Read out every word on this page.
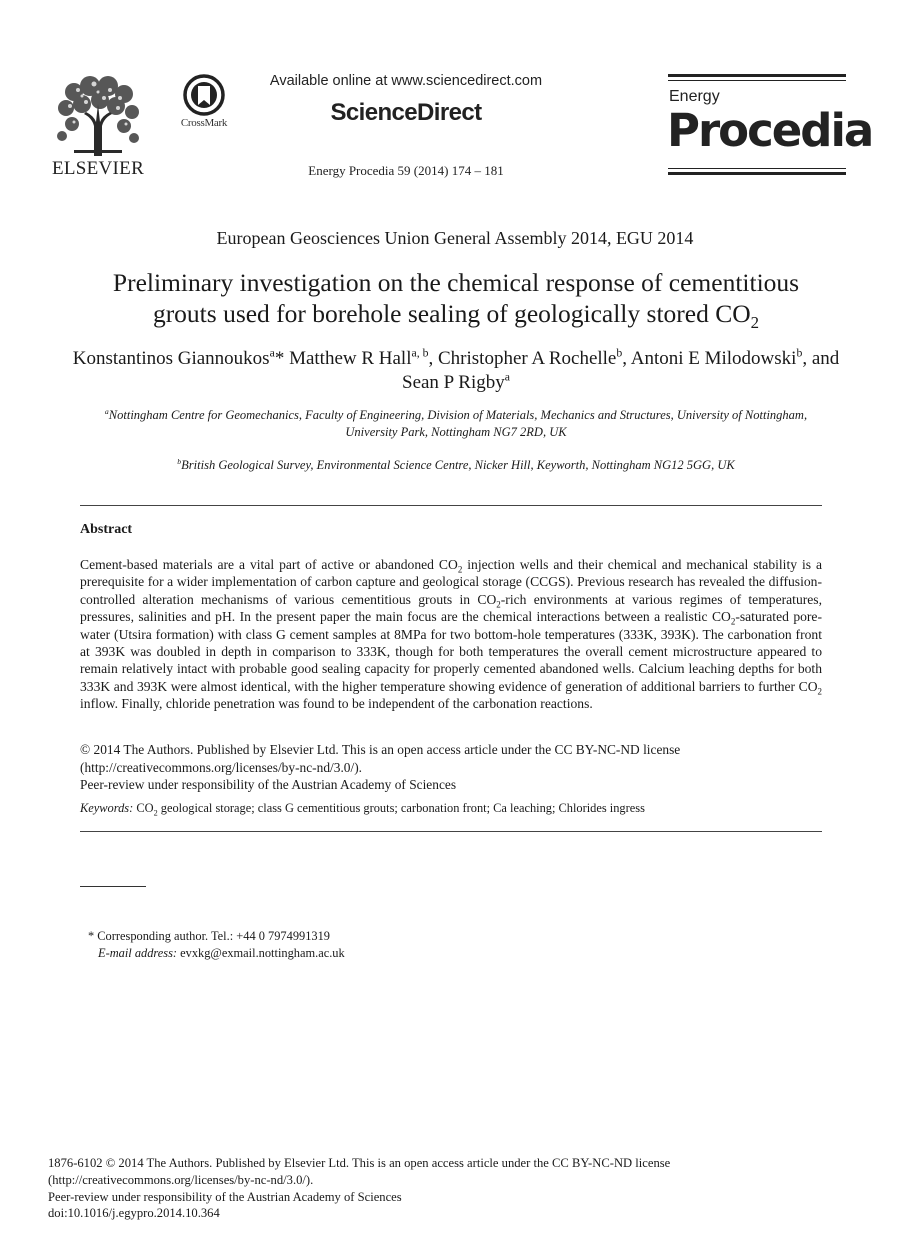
ELSEVIER
CrossMark
Available online at www.sciencedirect.com
ScienceDirect
Energy Procedia 59 (2014) 174 – 181
Energy
Procedia
European Geosciences Union General Assembly 2014, EGU 2014
Preliminary investigation on the chemical response of cementitious
grouts used for borehole sealing of geologically stored $CO_2$
Konstantinos Giannoukos$^a$* Matthew R Hall$^{a, b}$, Christopher A Rochelle$^b$, Antoni E Milodowski$^b$, and Sean P Rigby$^a$
$^a$Nottingham Centre for Geomechanics, Faculty of Engineering, Division of Materials, Mechanics and Structures, University of Nottingham,
University Park, Nottingham NG7 2RD, UK
$^b$British Geological Survey, Environmental Science Centre, Nicker Hill, Keyworth, Nottingham NG12 5GG, UK
Abstract

Cement-based materials are a vital part of active or abandoned $CO_2$ injection wells and their chemical and mechanical stability is a prerequisite for a wider implementation of carbon capture and geological storage (CCGS). Previous research has revealed the diffusion-controlled alteration mechanisms of various cementitious grouts in $CO_2$-rich environments at various regimes of temperatures, pressures, salinities and pH. In the present paper the main focus are the chemical interactions between a realistic $CO_2$-saturated pore-water (Utsira formation) with class G cement samples at 8MPa for two bottom-hole temperatures (333K, 393K). The carbonation front at 393K was doubled in depth in comparison to 333K, though for both temperatures the overall cement microstructure appeared to remain relatively intact with probable good sealing capacity for properly cemented abandoned wells. Calcium leaching depths for both 333K and 393K were almost identical, with the higher temperature showing evidence of generation of additional barriers to further $CO_2$ inflow. Finally, chloride penetration was found to be independent of the carbonation reactions.

© 2014 The Authors. Published by Elsevier Ltd. This is an open access article under the CC BY-NC-ND license
(http://creativecommons.org/licenses/by-nc-nd/3.0/).
Peer-review under responsibility of the Austrian Academy of Sciences
Keywords: $CO_2$ geological storage; class G cementitious grouts; carbonation front; Ca leaching; Chlorides ingress
* Corresponding author. Tel.: +44 0 7974991319
E-mail address: evxkg@exmail.nottingham.ac.uk
1876-6102 © 2014 The Authors. Published by Elsevier Ltd. This is an open access article under the CC BY-NC-ND license
(http://creativecommons.org/licenses/by-nc-nd/3.0/).
Peer-review under responsibility of the Austrian Academy of Sciences
doi:10.1016/j.egypro.2014.10.364
